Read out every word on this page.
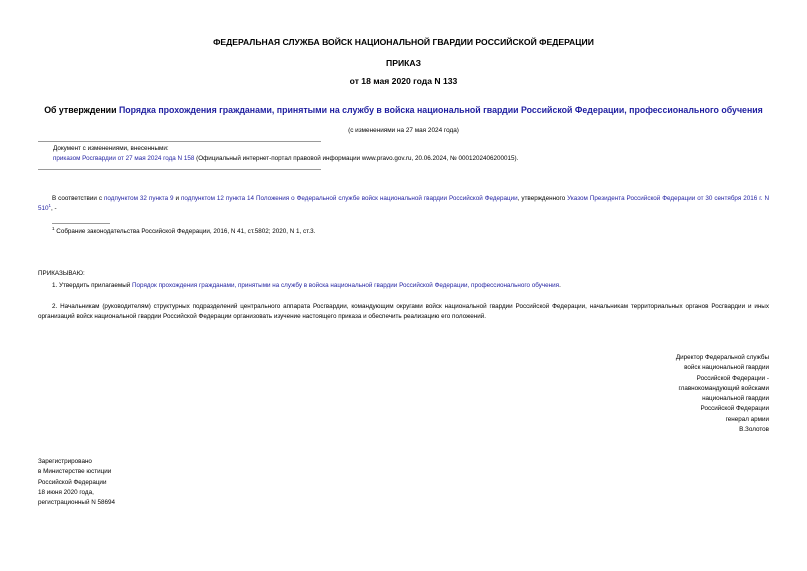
ФЕДЕРАЛЬНАЯ СЛУЖБА ВОЙСК НАЦИОНАЛЬНОЙ ГВАРДИИ РОССИЙСКОЙ ФЕДЕРАЦИИ
ПРИКАЗ
от 18 мая 2020 года N 133
Об утверждении Порядка прохождения гражданами, принятыми на службу в войска национальной гвардии Российской Федерации, профессионального обучения
(с изменениями на 27 мая 2024 года)
Документ с изменениями, внесенными:
приказом Росгвардии от 27 мая 2024 года N 158 (Официальный интернет-портал правовой информации www.pravo.gov.ru, 20.06.2024, № 0001202406200015).
В соответствии с подпунктом 32 пункта 9 и подпунктом 12 пункта 14 Положения о Федеральной службе войск национальной гвардии Российской Федерации, утвержденного Указом Президента Российской Федерации от 30 сентября 2016 г. N $510^1$, -
$^1$ Собрание законодательства Российской Федерации, 2016, N 41, ст.5802; 2020, N 1, ст.3.
ПРИКАЗЫВАЮ:
1. Утвердить прилагаемый Порядок прохождения гражданами, принятыми на службу в войска национальной гвардии Российской Федерации, профессионального обучения.
2. Начальникам (руководителям) структурных подразделений центрального аппарата Росгвардии, командующим округами войск национальной гвардии Российской Федерации, начальникам территориальных органов Росгвардии и иных организаций войск национальной гвардии Российской Федерации организовать изучение настоящего приказа и обеспечить реализацию его положений.
Директор Федеральной службы
войск национальной гвардии
Российской Федерации -
главнокомандующий войсками
национальной гвардии
Российской Федерации
генерал армии
В.Золотов
Зарегистрировано
в Министерстве юстиции
Российской Федерации
18 июня 2020 года,
регистрационный N 58694
